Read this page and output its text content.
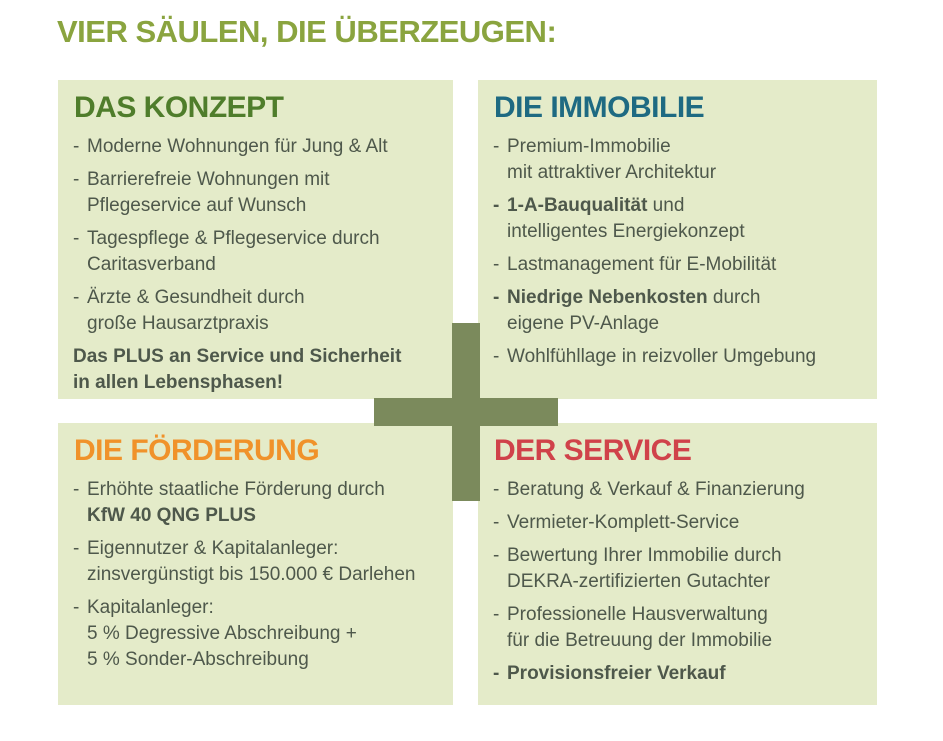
VIER SÄULEN, DIE ÜBERZEUGEN:
DAS KONZEPT
- Moderne Wohnungen für Jung & Alt
- Barrierefreie Wohnungen mit
Pflegeservice auf Wunsch
- Tagespflege & Pflegeservice durch
Caritasverband
- Ärzte & Gesundheit durch
große Hausarztpraxis
Das PLUS an Service und Sicherheit
in allen Lebensphasen!
DIE IMMOBILIE
- Premium-Immobilie
mit attraktiver Architektur
- 1-A-Bauqualität und
intelligentes Energiekonzept
- Lastmanagement für E-Mobilität
- Niedrige Nebenkosten durch
eigene PV-Anlage
- Wohlfühllage in reizvoller Umgebung
DIE FÖRDERUNG
- Erhöhte staatliche Förderung durch
KfW 40 QNG PLUS
- Eigennutzer & Kapitalanleger:
zinsvergünstigt bis 150.000 € Darlehen
- Kapitalanleger:
5 % Degressive Abschreibung +
5 % Sonder-Abschreibung
DER SERVICE
- Beratung & Verkauf & Finanzierung
- Vermieter-Komplett-Service
- Bewertung Ihrer Immobilie durch
DEKRA-zertifizierten Gutachter
- Professionelle Hausverwaltung
für die Betreuung der Immobilie
- Provisionsfreier Verkauf
